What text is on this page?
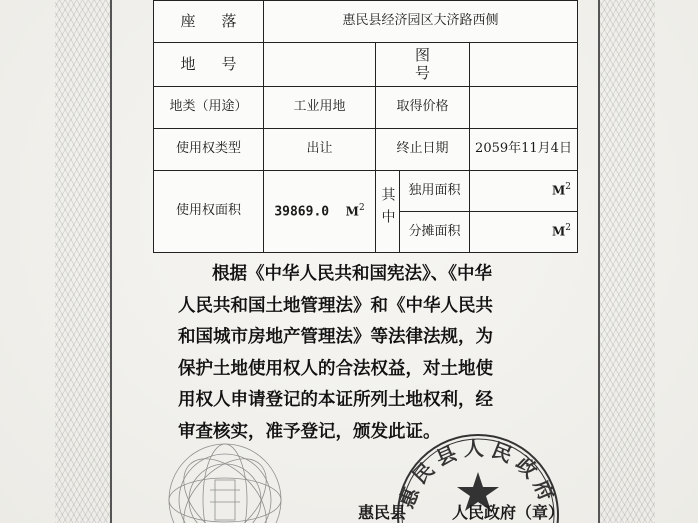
座落	惠民县经济园区大济路西侧			
地号		图号		
地类（用途）	工业用地	取得价格		
使用权类型	出让	终止日期		2059年11月4日
使用权面积	39869.0 $M^2$	其中	独用面积	$M^2$
			分摊面积	$M^2$

根据《中华人民共和国宪法》、《中华

人民共和国土地管理法》和《中华人民共

和国城市房地产管理法》等法律法规，为

保护土地使用权人的合法权益，对土地使

用权人申请登记的本证所列土地权利，经

审查核实，准予登记，颁发此证。

惠民县人民政府
惠民县	人民政府（章）
